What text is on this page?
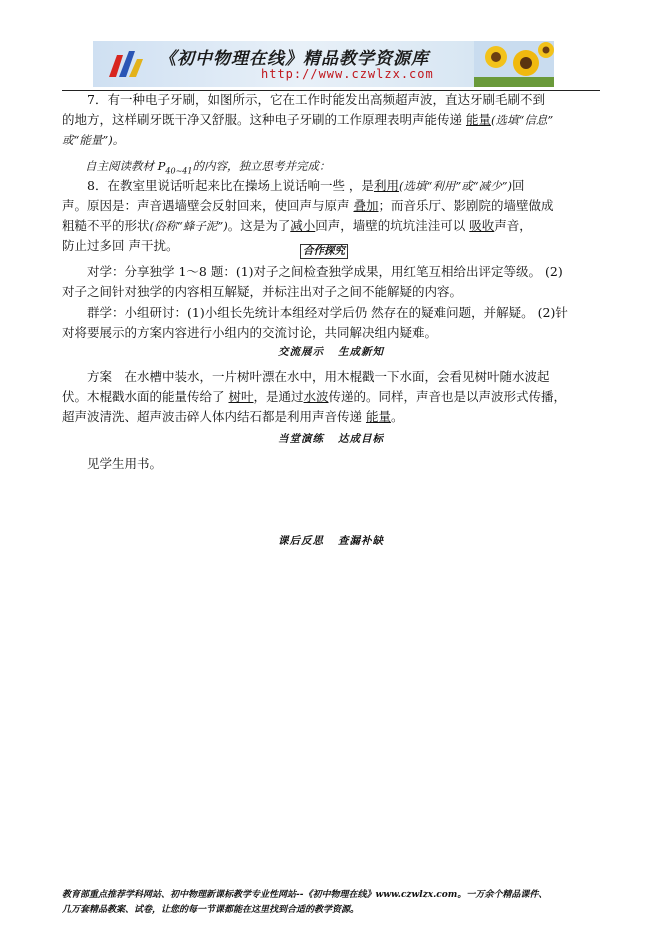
《初中物理在线》精品教学资源库
http://www.czwlzx.com

7．有一种电子牙刷，如图所示，它在工作时能发出高频超声波，直达牙刷毛刷不到

的地方，这样刷牙既干净又舒服。这种电子牙刷的工作原理表明声能传递 能量(选填“信息”

或“能量”)。

自主阅读教材 $P_{40\sim 41}$的内容，独立思考并完成：

8．在教室里说话听起来比在操场上说话响一些 ，是利用(选填“利用”或“减少”)回

声。原因是：声音遇墙壁会反射回来，使回声与原声 叠加；而音乐厅、影剧院的墙壁做成

粗糙不平的形状(俗称“蜂子泥”)。这是为了减小回声，墙壁的坑坑洼洼可以 吸收声音，

防止过多回 声干扰。	合作探究

对学：分享独学 1～8 题：(1)对子之间检查独学成果，用红笔互相给出评定等级。 (2)

对子之间针对独学的内容相互解疑，并标注出对子之间不能解疑的内容。

群学：小组研讨：(1)小组长先统计本组经对学后仍 然存在的疑难问题，并解疑。 (2)针

对将要展示的方案内容进行小组内的交流讨论，共同解决组内疑难。

交流展示 生成新知

方案　在水槽中装水，一片树叶漂在水中，用木棍戳一下水面，会看见树叶随水波起

伏。木棍戳水面的能量传给了 树叶，是通过水波传递的。同样，声音也是以声波形式传播，

超声波清洗、超声波击碎人体内结石都是利用声音传递 能量。

当堂演练 达成目标

见学生用书。

课后反思 查漏补缺
教育部重点推荐学科网站、初中物理新课标教学专业性网站--《初中物理在线》www.czwlzx.com。一万余个精品课件、
几万套精品教案、试卷，让您的每一节课都能在这里找到合适的教学资源。
